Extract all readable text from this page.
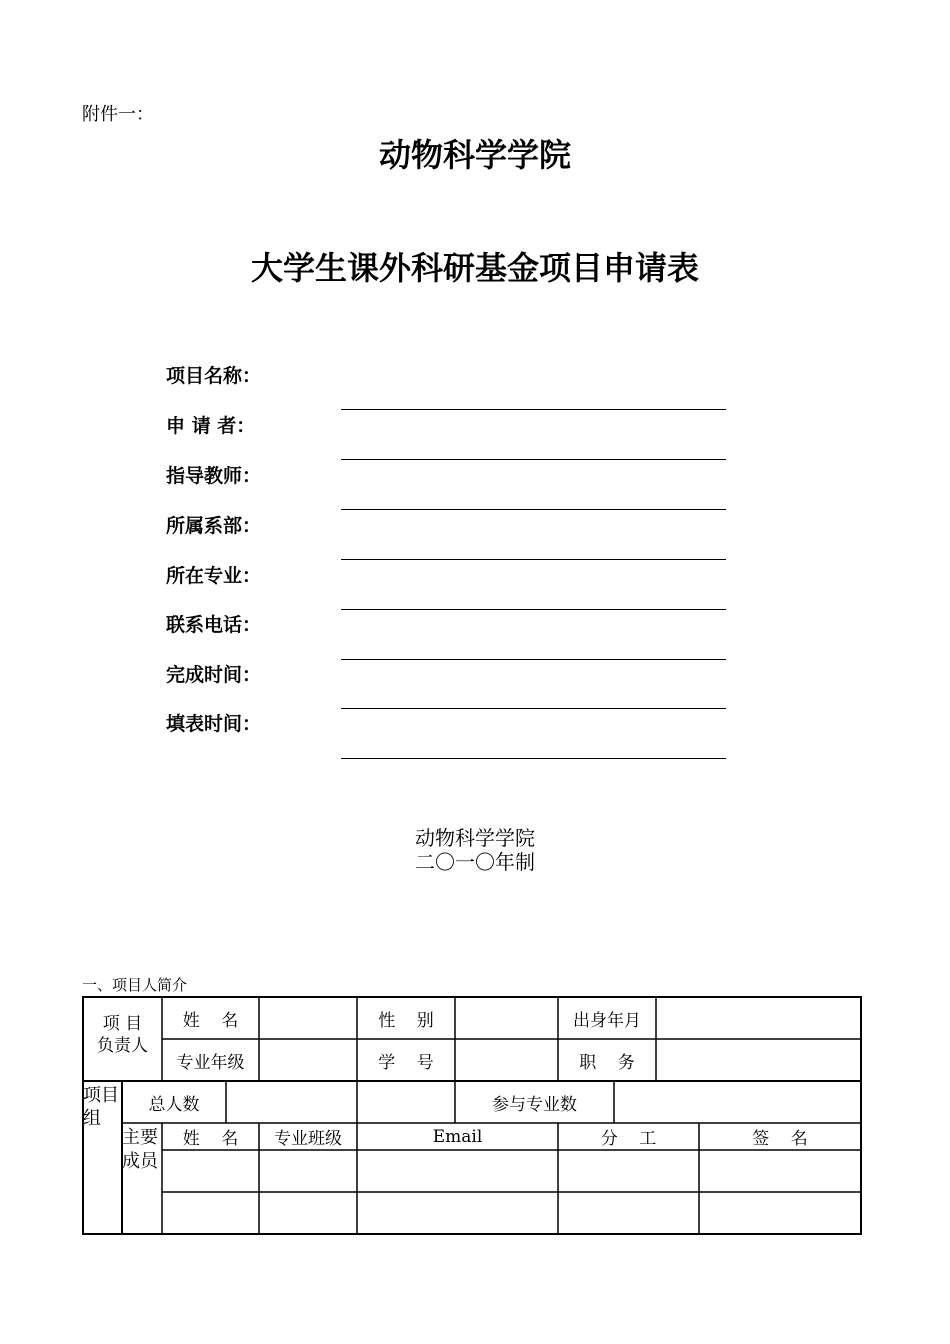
附件一：
动物科学学院
大学生课外科研基金项目申请表
项目名称：
申 请 者：
指导教师：
所属系部：
所在专业：
联系电话：
完成时间：
填表时间：
动物科学学院
二〇一〇年制
一、项目人简介
项 目
负责人
姓    名	性    别	出身年月
专业年级	学    号	职    务
项目组
总人数	参与专业数
主要成员
姓    名	专业班级	Email	分    工	签    名
